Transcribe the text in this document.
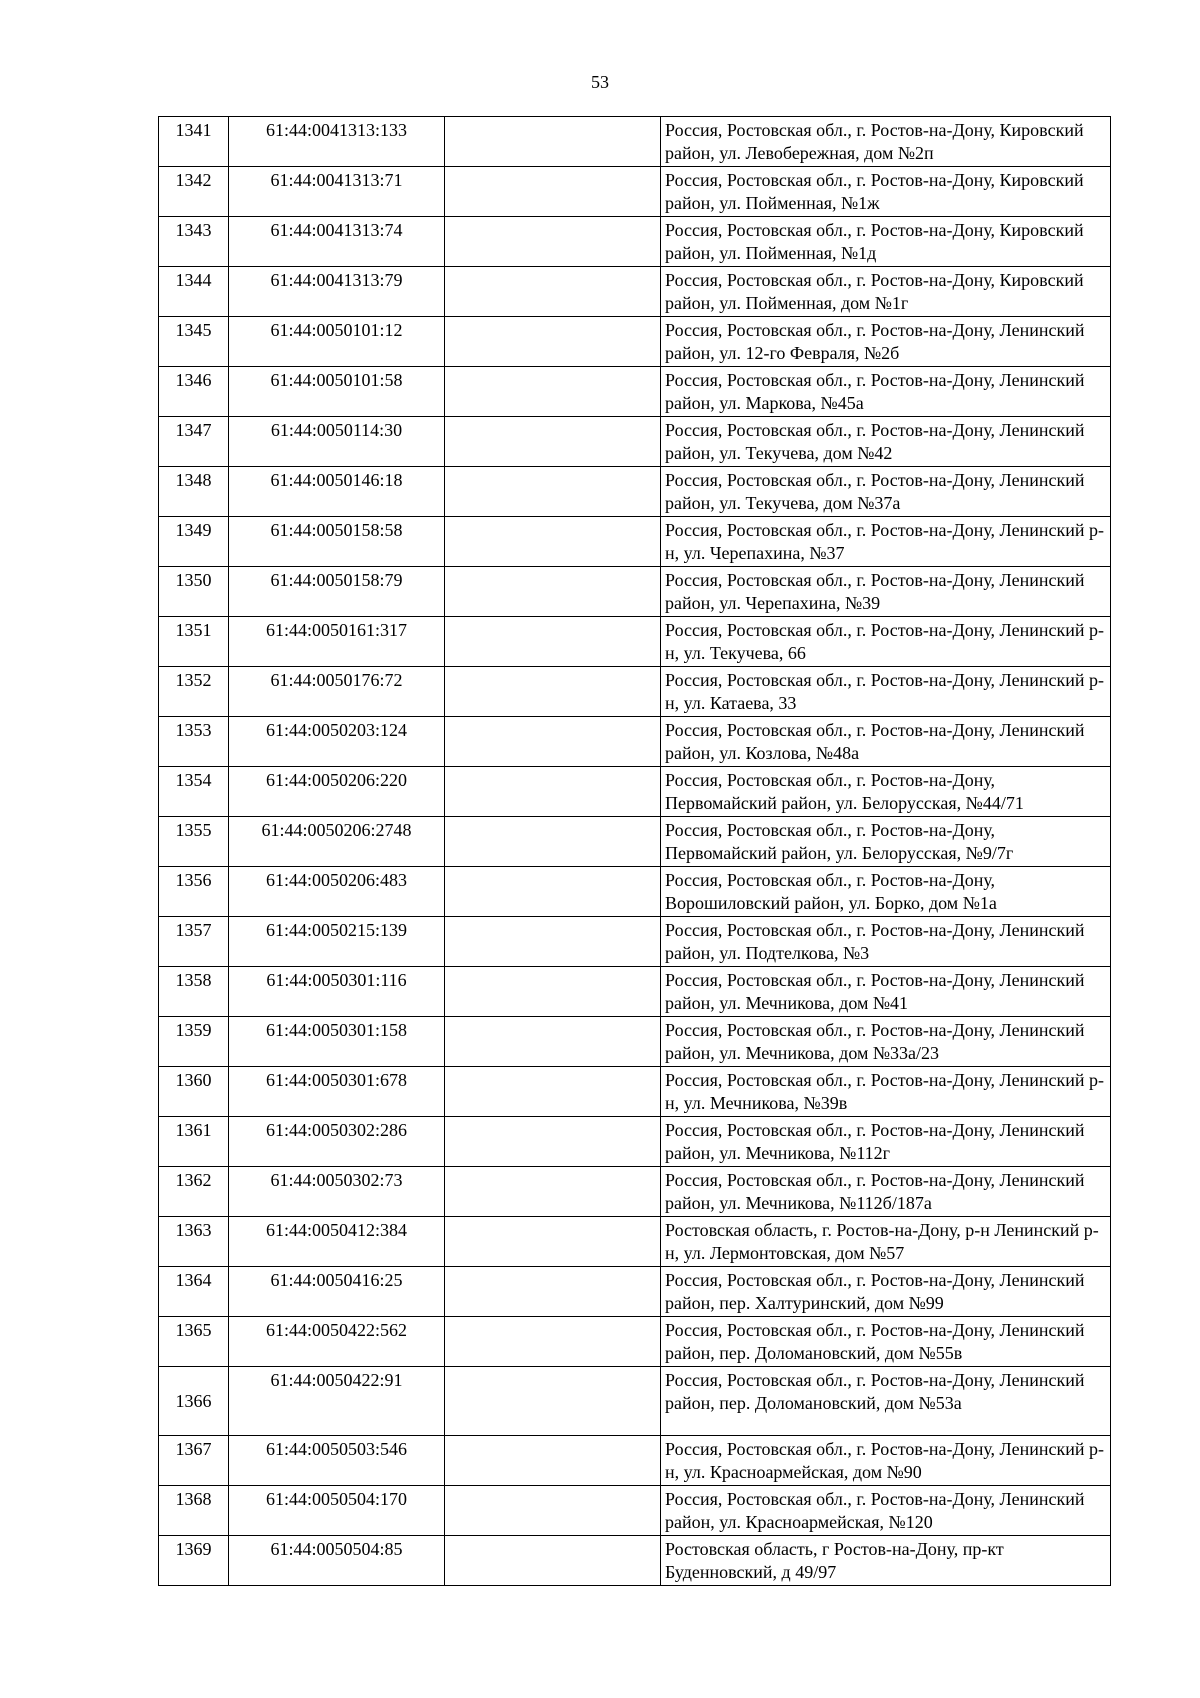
53
1341	61:44:0041313:133		Россия, Ростовская обл., г. Ростов-на-Дону, Кировский район, ул. Левобережная, дом №2п
1342	61:44:0041313:71		Россия, Ростовская обл., г. Ростов-на-Дону, Кировский район, ул. Пойменная, №1ж
1343	61:44:0041313:74		Россия, Ростовская обл., г. Ростов-на-Дону, Кировский район, ул. Пойменная, №1д
1344	61:44:0041313:79		Россия, Ростовская обл., г. Ростов-на-Дону, Кировский район, ул. Пойменная, дом №1г
1345	61:44:0050101:12		Россия, Ростовская обл., г. Ростов-на-Дону, Ленинский район, ул. 12-го Февраля, №2б
1346	61:44:0050101:58		Россия, Ростовская обл., г. Ростов-на-Дону, Ленинский район, ул. Маркова, №45а
1347	61:44:0050114:30		Россия, Ростовская обл., г. Ростов-на-Дону, Ленинский район, ул. Текучева, дом №42
1348	61:44:0050146:18		Россия, Ростовская обл., г. Ростов-на-Дону, Ленинский район, ул. Текучева, дом №37а
1349	61:44:0050158:58		Россия, Ростовская обл., г. Ростов-на-Дону, Ленинский р-н, ул. Черепахина, №37
1350	61:44:0050158:79		Россия, Ростовская обл., г. Ростов-на-Дону, Ленинский район, ул. Черепахина, №39
1351	61:44:0050161:317		Россия, Ростовская обл., г. Ростов-на-Дону, Ленинский р-н, ул. Текучева, 66
1352	61:44:0050176:72		Россия, Ростовская обл., г. Ростов-на-Дону, Ленинский р-н, ул. Катаева, 33
1353	61:44:0050203:124		Россия, Ростовская обл., г. Ростов-на-Дону, Ленинский район, ул. Козлова, №48а
1354	61:44:0050206:220		Россия, Ростовская обл., г. Ростов-на-Дону, Первомайский район, ул. Белорусская, №44/71
1355	61:44:0050206:2748		Россия, Ростовская обл., г. Ростов-на-Дону, Первомайский район, ул. Белорусская, №9/7г
1356	61:44:0050206:483		Россия, Ростовская обл., г. Ростов-на-Дону, Ворошиловский район, ул. Борко, дом №1а
1357	61:44:0050215:139		Россия, Ростовская обл., г. Ростов-на-Дону, Ленинский район, ул. Подтелкова, №3
1358	61:44:0050301:116		Россия, Ростовская обл., г. Ростов-на-Дону, Ленинский район, ул. Мечникова, дом №41
1359	61:44:0050301:158		Россия, Ростовская обл., г. Ростов-на-Дону, Ленинский район, ул. Мечникова, дом №33а/23
1360	61:44:0050301:678		Россия, Ростовская обл., г. Ростов-на-Дону, Ленинский р-н, ул. Мечникова, №39в
1361	61:44:0050302:286		Россия, Ростовская обл., г. Ростов-на-Дону, Ленинский район, ул. Мечникова, №112г
1362	61:44:0050302:73		Россия, Ростовская обл., г. Ростов-на-Дону, Ленинский район, ул. Мечникова, №112б/187а
1363	61:44:0050412:384		Ростовская область, г. Ростов-на-Дону, р-н Ленинский р-н, ул. Лермонтовская, дом №57
1364	61:44:0050416:25		Россия, Ростовская обл., г. Ростов-на-Дону, Ленинский район, пер. Халтуринский, дом №99
1365	61:44:0050422:562		Россия, Ростовская обл., г. Ростов-на-Дону, Ленинский район, пер. Доломановский, дом №55в
1366	61:44:0050422:91		Россия, Ростовская обл., г. Ростов-на-Дону, Ленинский район, пер. Доломановский, дом №53а
1367	61:44:0050503:546		Россия, Ростовская обл., г. Ростов-на-Дону, Ленинский р-н, ул. Красноармейская, дом №90
1368	61:44:0050504:170		Россия, Ростовская обл., г. Ростов-на-Дону, Ленинский район, ул. Красноармейская, №120
1369	61:44:0050504:85		Ростовская область, г Ростов-на-Дону, пр-кт Буденновский, д 49/97
